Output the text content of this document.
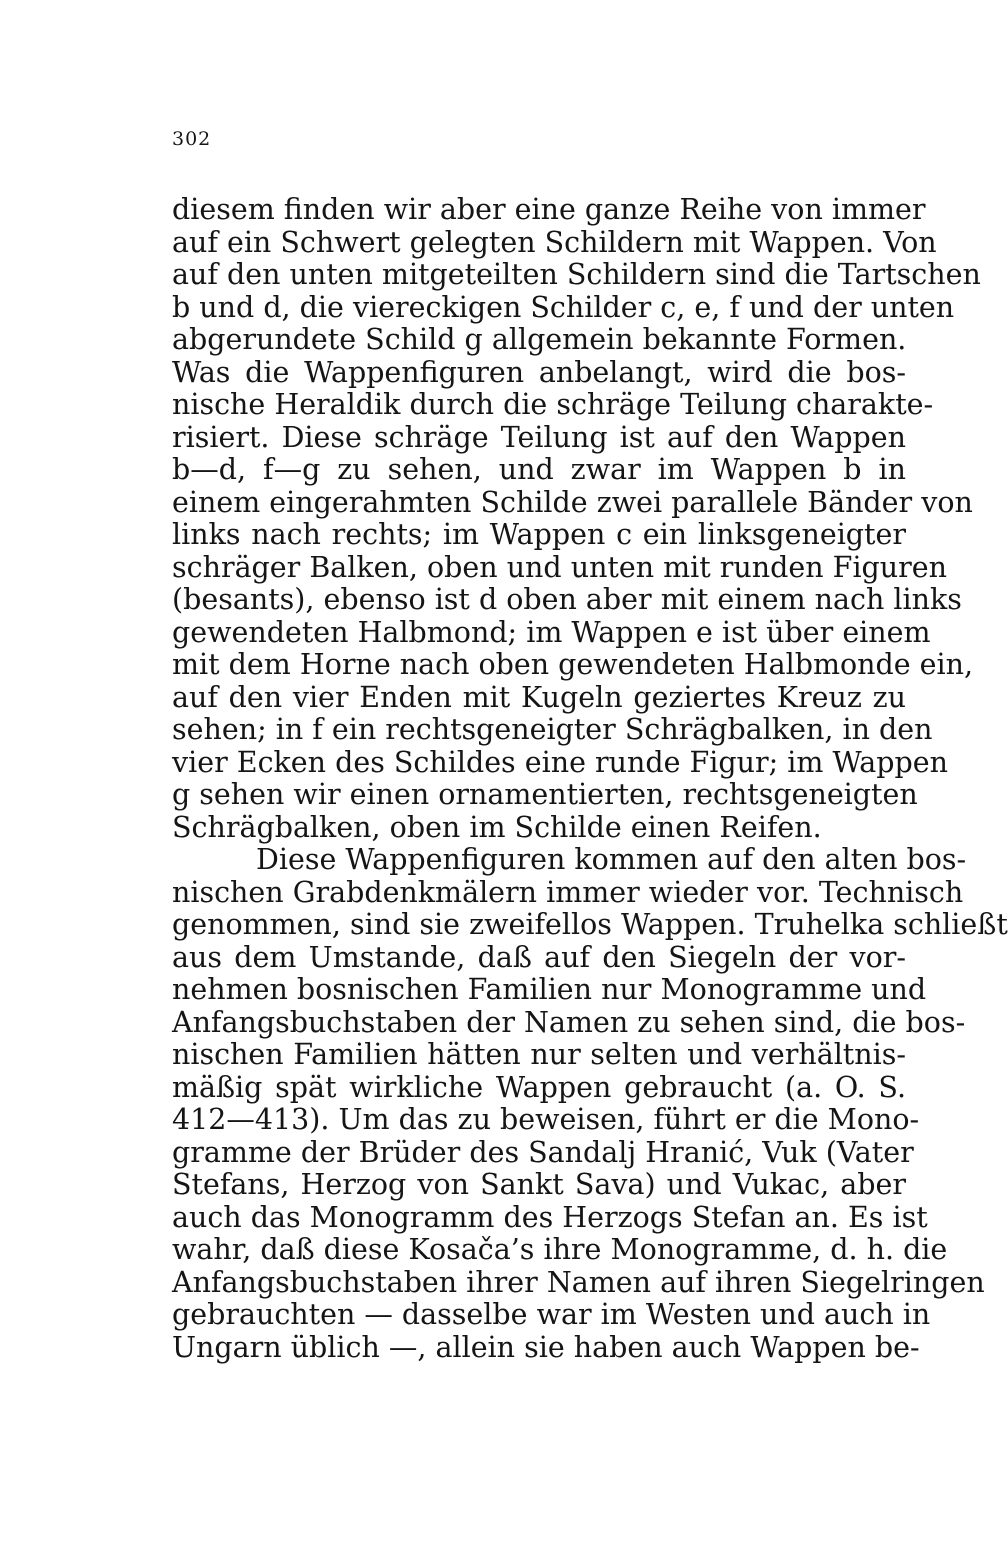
302
diesem finden wir aber eine ganze Reihe von immer
auf ein Schwert gelegten Schildern mit Wappen. Von
auf den unten mitgeteilten Schildern sind die Tartschen
b und d, die viereckigen Schilder c, e, f und der unten
abgerundete Schild g allgemein bekannte Formen.
Was die Wappenfiguren anbelangt, wird die bos-
nische Heraldik durch die schräge Teilung charakte-
risiert. Diese schräge Teilung ist auf den Wappen
b—d, f—g zu sehen, und zwar im Wappen b in
einem eingerahmten Schilde zwei parallele Bänder von
links nach rechts; im Wappen c ein linksgeneigter
schräger Balken, oben und unten mit runden Figuren
(besants), ebenso ist d oben aber mit einem nach links
gewendeten Halbmond; im Wappen e ist über einem
mit dem Horne nach oben gewendeten Halbmonde ein,
auf den vier Enden mit Kugeln geziertes Kreuz zu
sehen; in f ein rechtsgeneigter Schrägbalken, in den
vier Ecken des Schildes eine runde Figur; im Wappen
g sehen wir einen ornamentierten, rechtsgeneigten
Schrägbalken, oben im Schilde einen Reifen.
Diese Wappenfiguren kommen auf den alten bos-
nischen Grabdenkmälern immer wieder vor. Technisch
genommen, sind sie zweifellos Wappen. Truhelka schließt
aus dem Umstande, daß auf den Siegeln der vor-
nehmen bosnischen Familien nur Monogramme und
Anfangsbuchstaben der Namen zu sehen sind, die bos-
nischen Familien hätten nur selten und verhältnis-
mäßig spät wirkliche Wappen gebraucht (a. O. S.
412—413). Um das zu beweisen, führt er die Mono-
gramme der Brüder des Sandalj Hranić, Vuk (Vater
Stefans, Herzog von Sankt Sava) und Vukac, aber
auch das Monogramm des Herzogs Stefan an. Es ist
wahr, daß diese Kosača’s ihre Monogramme, d. h. die
Anfangsbuchstaben ihrer Namen auf ihren Siegelringen
gebrauchten — dasselbe war im Westen und auch in
Ungarn üblich —, allein sie haben auch Wappen be-
